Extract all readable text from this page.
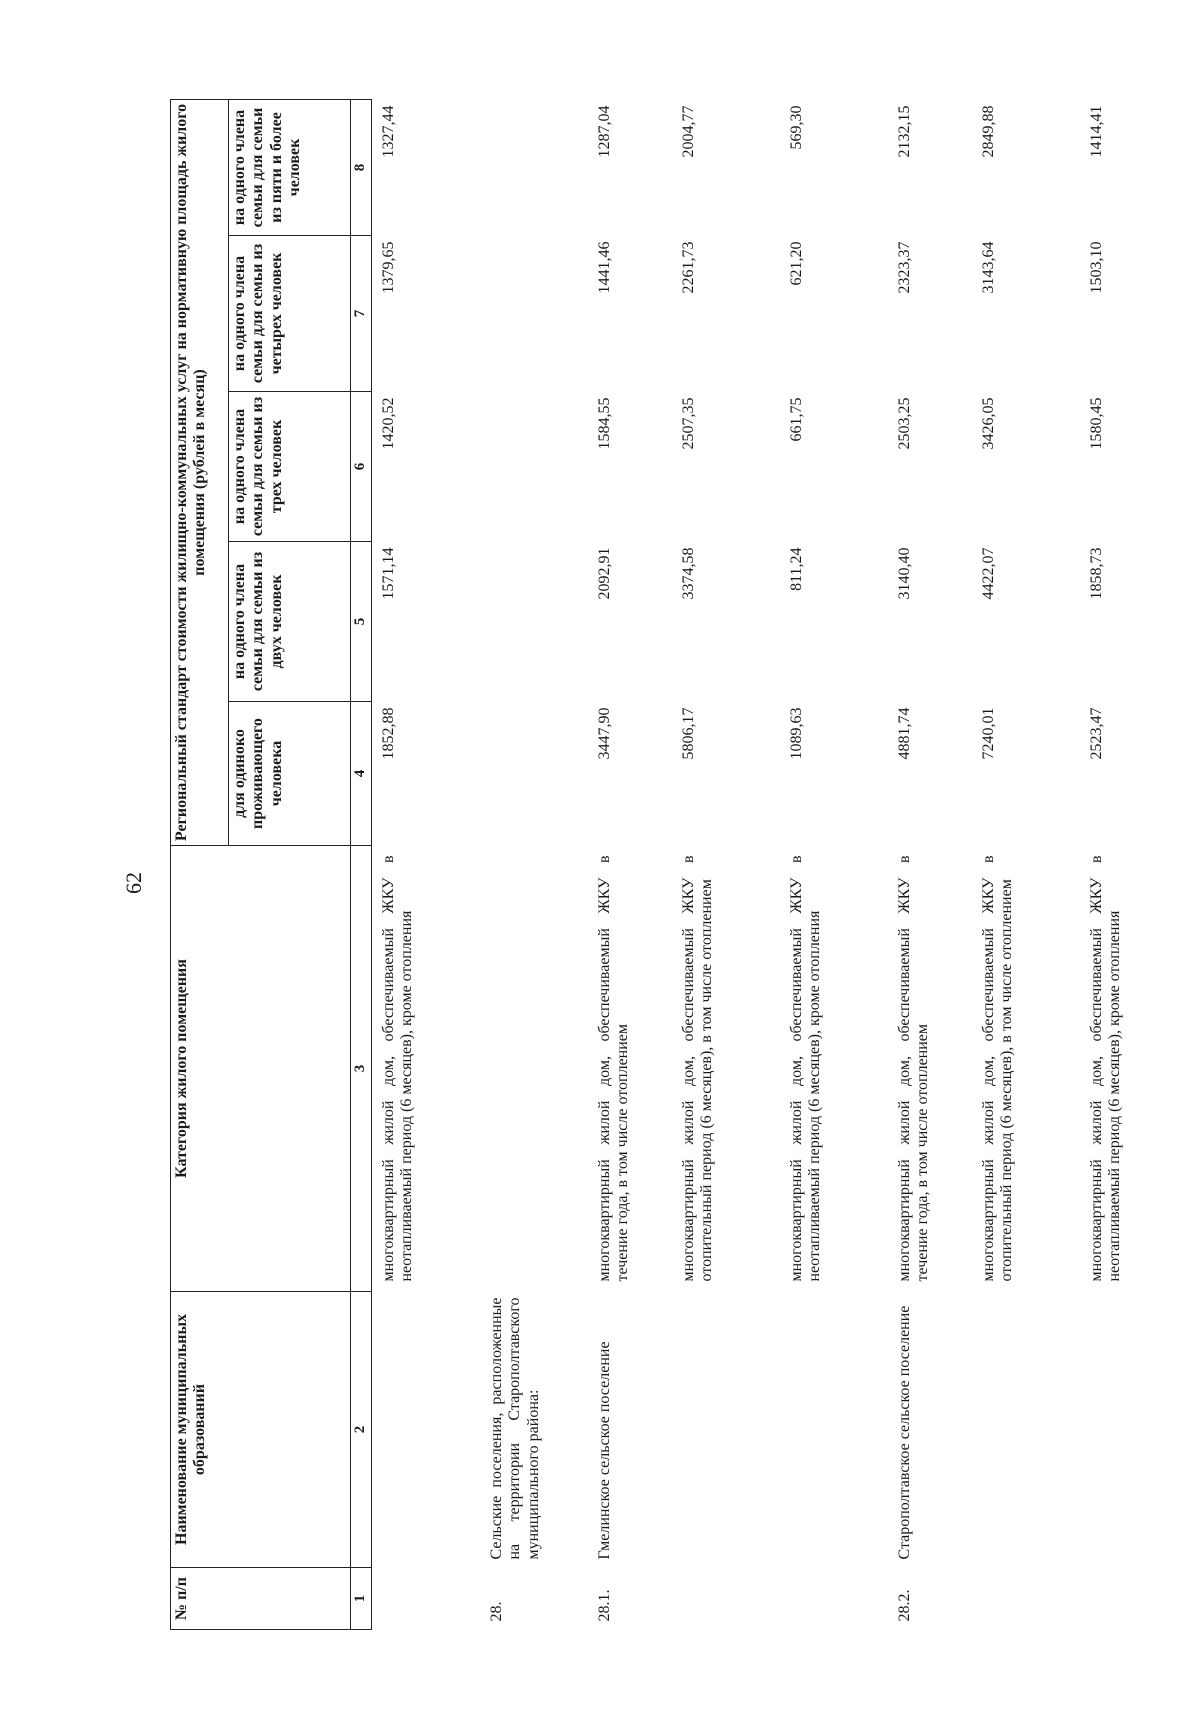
62
№ п/п	Наименование муниципальных образований	Категория жилого помещения	Региональный стандарт стоимости жилищно-коммунальных услуг на нормативную площадь жилого помещения (рублей в месяц)				
			для одиноко проживающего человека	на одного члена семьи для семьи из двух человек	на одного члена семьи для семьи из трех человек	на одного члена семьи для семьи из четырех человек	на одного члена семьи для семьи из пяти и более человек
1	2	3	4	5	6	7	8
		многоквартирный жилой дом, обеспечиваемый ЖКУ в неотапливаемый период (6 месяцев), кроме отопления	1852,88	1571,14	1420,52	1379,65	1327,44
28.	Сельские поселения, расположенные на территории Старополтавского муниципального района:						
28.1.	Гмелинское сельское поселение	многоквартирный жилой дом, обеспечиваемый ЖКУ в течение года, в том числе отоплением	3447,90	2092,91	1584,55	1441,46	1287,04
		многоквартирный жилой дом, обеспечиваемый ЖКУ в отопительный период (6 месяцев), в том числе отоплением	5806,17	3374,58	2507,35	2261,73	2004,77
		многоквартирный жилой дом, обеспечиваемый ЖКУ в неотапливаемый период (6 месяцев), кроме отопления	1089,63	811,24	661,75	621,20	569,30
28.2.	Старополтавское сельское поселение	многоквартирный жилой дом, обеспечиваемый ЖКУ в течение года, в том числе отоплением	4881,74	3140,40	2503,25	2323,37	2132,15
		многоквартирный жилой дом, обеспечиваемый ЖКУ в отопительный период (6 месяцев), в том числе отоплением	7240,01	4422,07	3426,05	3143,64	2849,88
		многоквартирный жилой дом, обеспечиваемый ЖКУ в неотапливаемый период (6 месяцев), кроме отопления	2523,47	1858,73	1580,45	1503,10	1414,41
